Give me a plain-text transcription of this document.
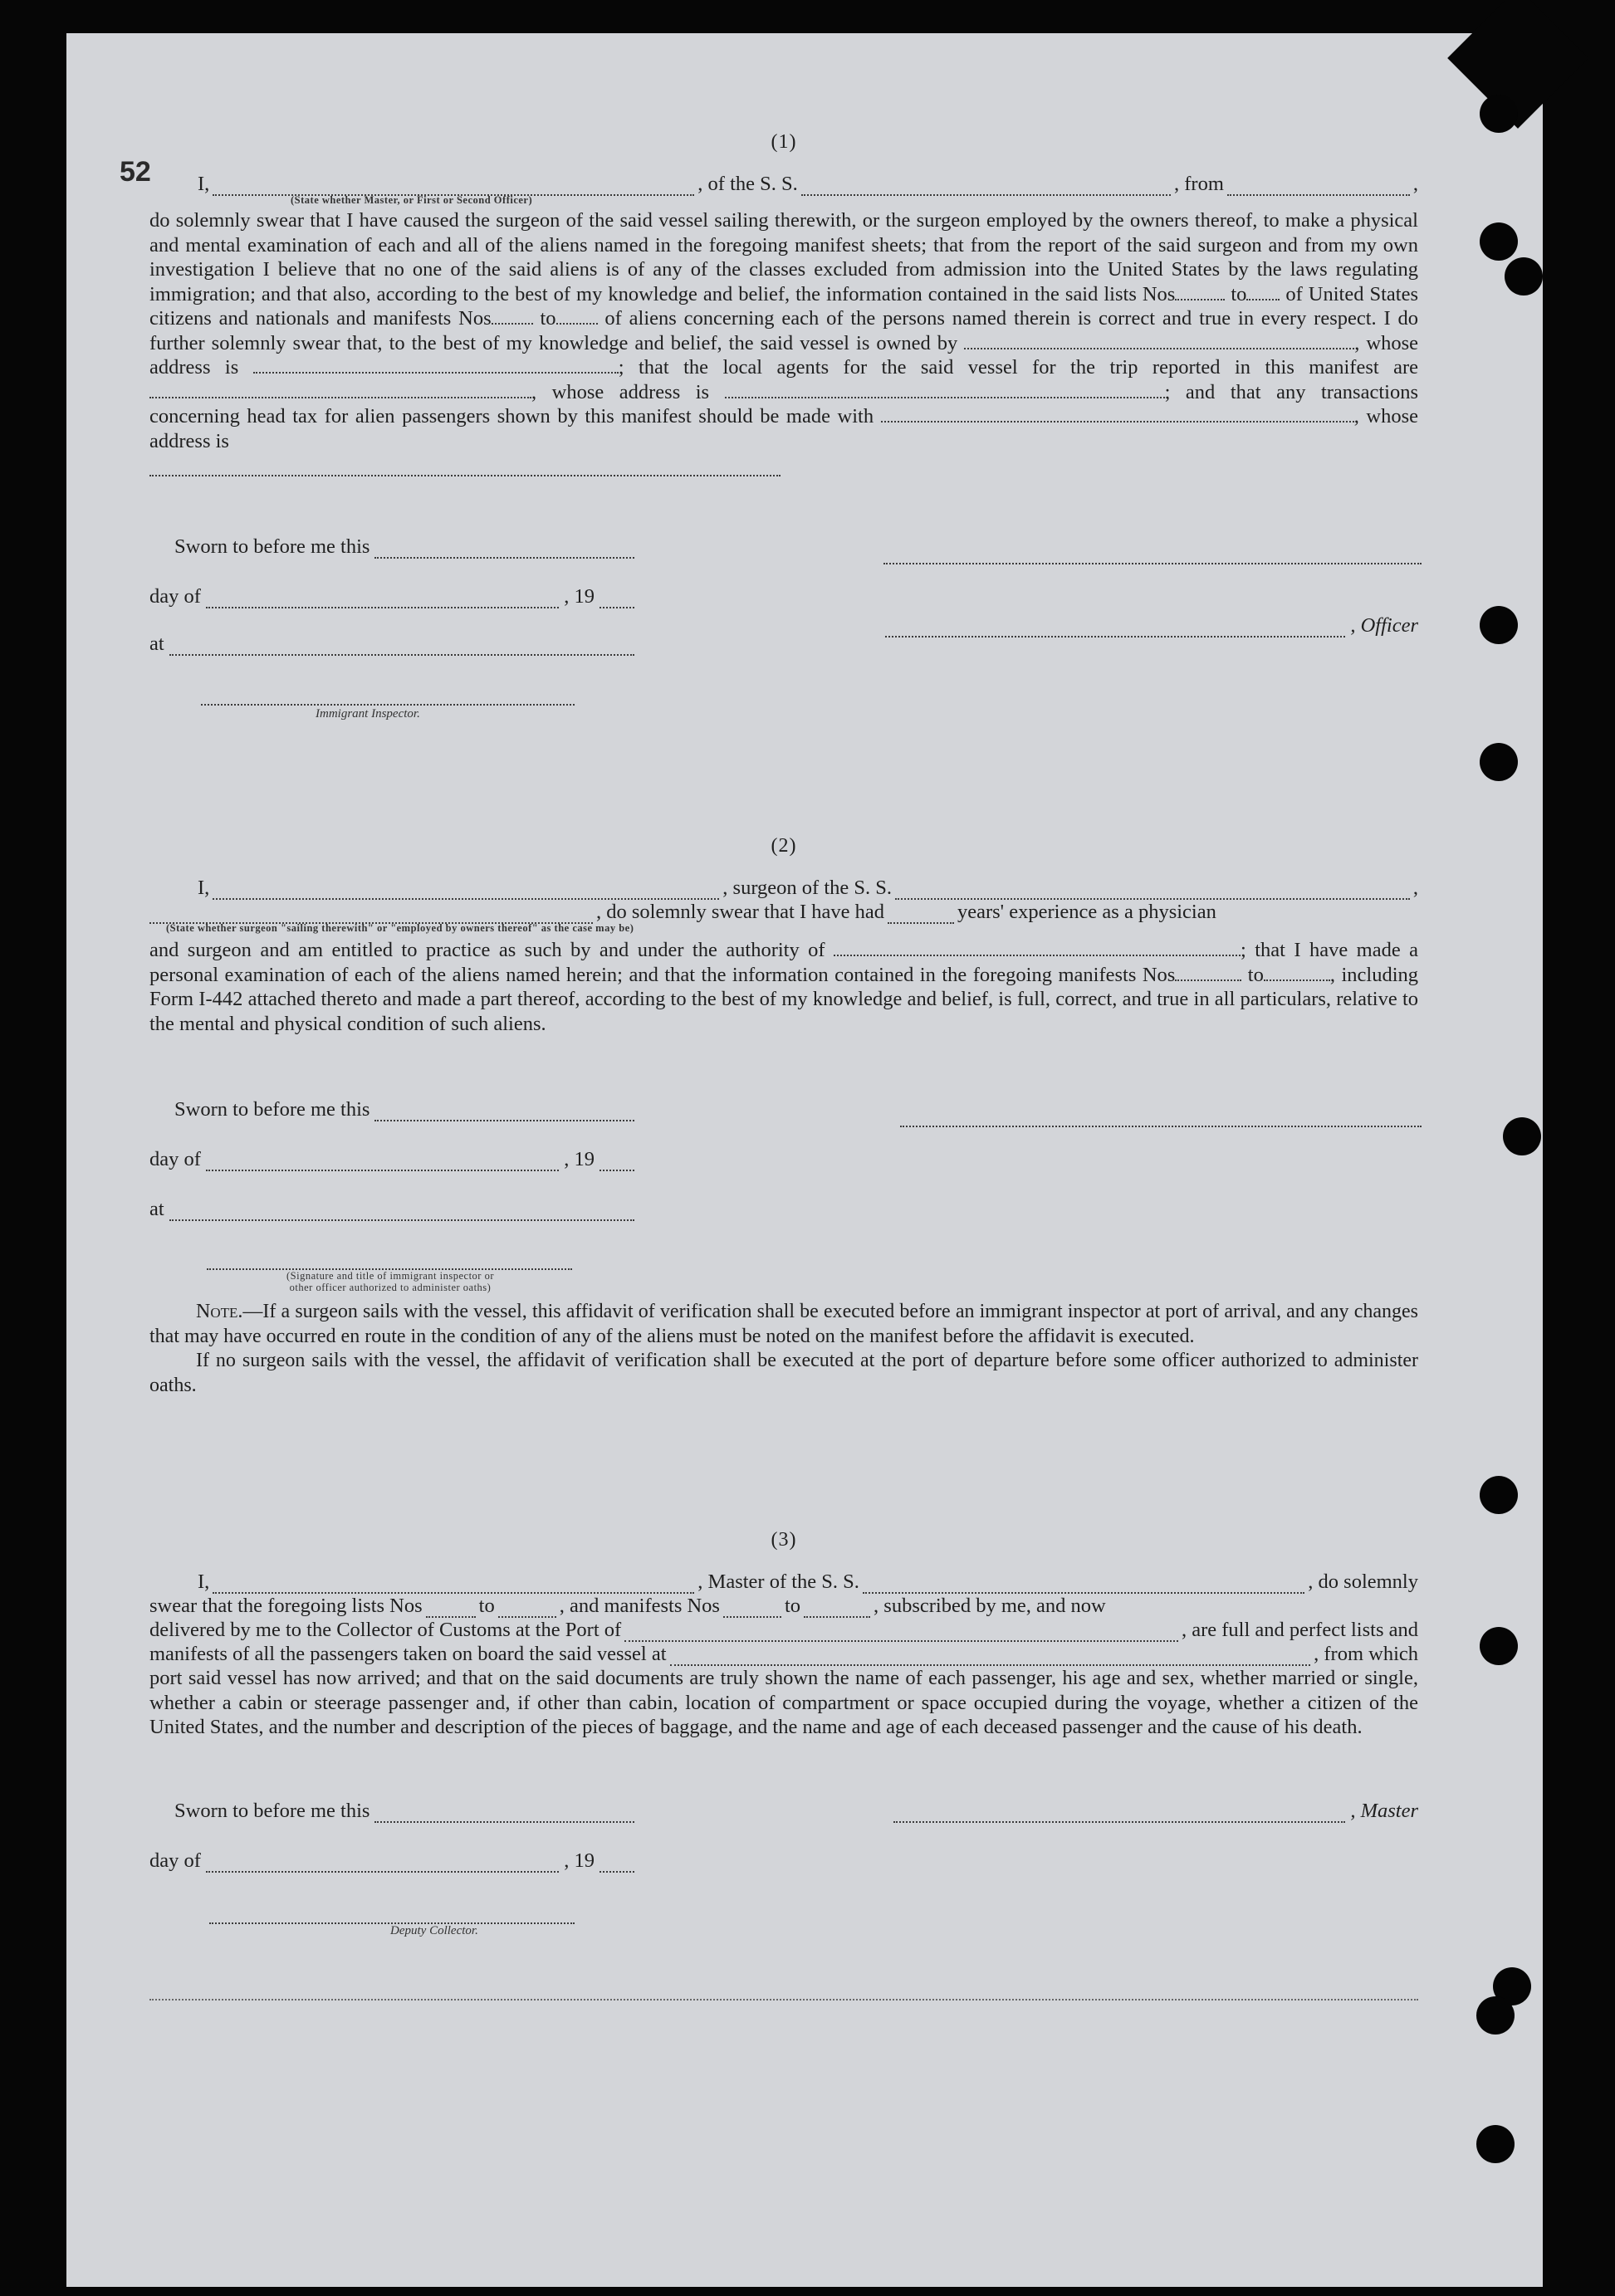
52
(1)
I,	, of the S. S.	, from	,
(State whether Master, or First or Second Officer)

do solemnly swear that I have caused the surgeon of the said vessel sailing therewith, or the surgeon employed by the owners thereof, to make a physical and mental examination of each and all of the aliens named in the foregoing manifest sheets; that from the report of the said surgeon and from my own investigation I believe that no one of the said aliens is of any of the classes excluded from admission into the United States by the laws regulating immigration; and that also, according to the best of my knowledge and belief, the information contained in the said lists Nos	to of United States citizens and nationals and manifests Nos to of aliens concerning each of the persons named therein is correct and true in every respect. I do further solemnly swear that, to the best of my knowledge and belief, the said vessel is owned by	, whose address is	; that the local agents for the said vessel for the trip reported in this manifest are , whose address is	; and that any transactions concerning head tax for alien passengers shown by this manifest should be made with	, whose address is

Sworn to before me this
day of	, 19
, Officer
at
Immigrant Inspector.
(2)
I,	, surgeon of the S. S.	,
, do solemnly swear that I have had	years' experience as a physician
(State whether surgeon "sailing therewith" or "employed by owners thereof" as the case may be)

and surgeon and am entitled to practice as such by and under the authority of	; that I have made a personal examination of each of the aliens named herein; and that the information contained in the foregoing manifests Nos	to	, including Form I-442 attached thereto and made a part thereof, according to the best of my knowledge and belief, is full, correct, and true in all particulars, relative to the mental and physical condition of such aliens.

Sworn to before me this
day of	, 19
at
(Signature and title of immigrant inspector or
other officer authorized to administer oaths)

Note.—If a surgeon sails with the vessel, this affidavit of verification shall be executed before an immigrant inspector at port of arrival, and any changes that may have occurred en route in the condition of any of the aliens must be noted on the manifest before the affidavit is executed.

If no surgeon sails with the vessel, the affidavit of verification shall be executed at the port of departure before some officer authorized to administer oaths.

(3)
I,	, Master of the S. S.	, do solemnly
swear that the foregoing lists Nos	to	, and manifests Nos	to	, subscribed by me, and now
delivered by me to the Collector of Customs at the Port of	, are full and perfect lists and
manifests of all the passengers taken on board the said vessel at	, from which

port said vessel has now arrived; and that on the said documents are truly shown the name of each passenger, his age and sex, whether married or single, whether a cabin or steerage passenger and, if other than cabin, location of compartment or space occupied during the voyage, whether a citizen of the United States, and the number and description of the pieces of baggage, and the name and age of each deceased passenger and the cause of his death.

Sworn to before me this	, Master
day of	, 19
Deputy Collector.
